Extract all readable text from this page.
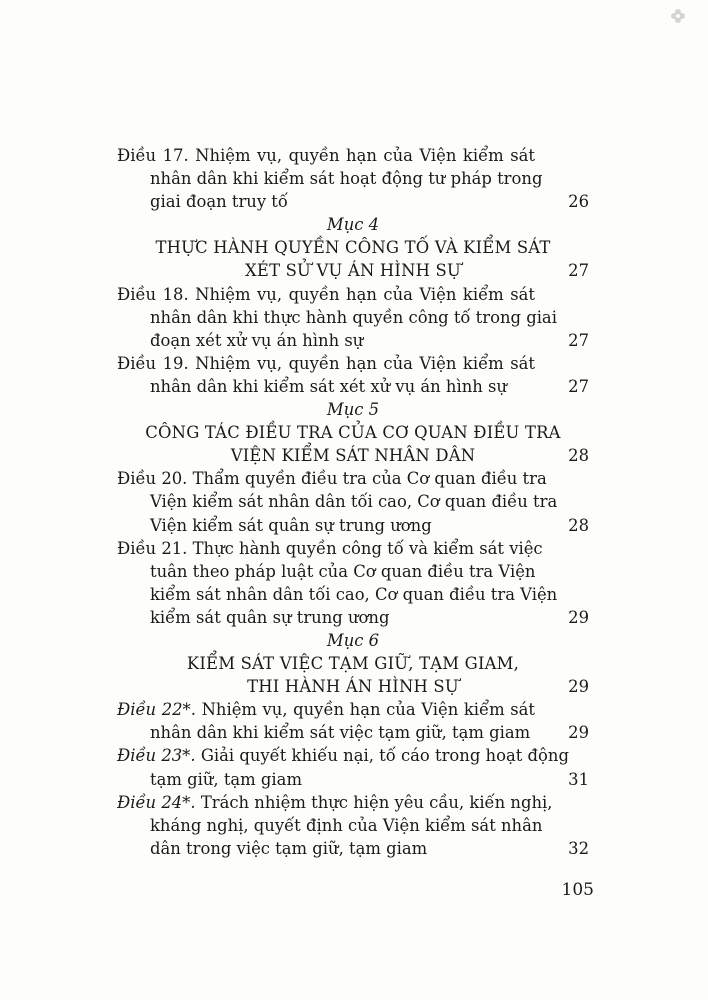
Điều 17. Nhiệm vụ, quyền hạn của Viện kiểm sát
nhân dân khi kiểm sát hoạt động tư pháp trong
giai đoạn truy tố	26
Mục 4
THỰC HÀNH QUYỀN CÔNG TỐ VÀ KIỂM SÁT
XÉT SỬ VỤ ÁN HÌNH SỰ	27
Điều 18. Nhiệm vụ, quyền hạn của Viện kiểm sát
nhân dân khi thực hành quyền công tố trong giai
đoạn xét xử vụ án hình sự	27
Điều 19. Nhiệm vụ, quyền hạn của Viện kiểm sát
nhân dân khi kiểm sát xét xử vụ án hình sự	27
Mục 5
CÔNG TÁC ĐIỀU TRA CỦA CƠ QUAN ĐIỀU TRA
VIỆN KIỂM SÁT NHÂN DÂN	28
Điều 20. Thẩm quyền điều tra của Cơ quan điều tra
Viện kiểm sát nhân dân tối cao, Cơ quan điều tra
Viện kiểm sát quân sự trung ương	28
Điều 21. Thực hành quyền công tố và kiểm sát việc
tuân theo pháp luật của Cơ quan điều tra Viện
kiểm sát nhân dân tối cao, Cơ quan điều tra Viện
kiểm sát quân sự trung ương	29
Mục 6
KIỂM SÁT VIỆC TẠM GIỮ, TẠM GIAM,
THI HÀNH ÁN HÌNH SỰ	29
Điều 22*. Nhiệm vụ, quyền hạn của Viện kiểm sát
nhân dân khi kiểm sát việc tạm giữ, tạm giam	29
Điều 23*. Giải quyết khiếu nại, tố cáo trong hoạt động
tạm giữ, tạm giam	31
Điều 24*. Trách nhiệm thực hiện yêu cầu, kiến nghị,
kháng nghị, quyết định của Viện kiểm sát nhân
dân trong việc tạm giữ, tạm giam	32
105
